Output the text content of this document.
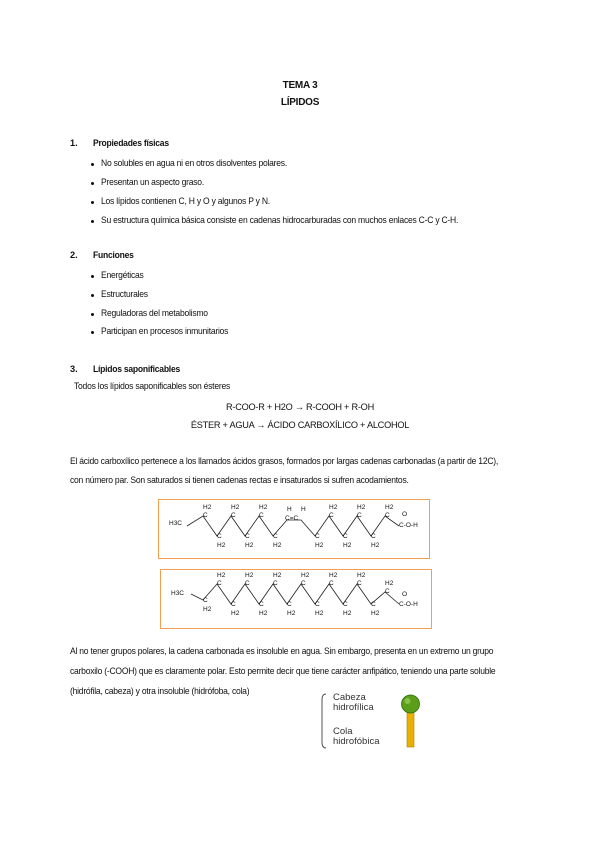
TEMA 3
LÍPIDOS
1. Propiedades físicas
No solubles en agua ni en otros disolventes polares.
Presentan un aspecto graso.
Los lípidos contienen C, H y O y algunos P y N.
Su estructura química básica consiste en cadenas hidrocarburadas con muchos enlaces C-C y C-H.
2. Funciones
Energéticas
Estructurales
Reguladoras del metabolismo
Participan en procesos inmunitarios
3. Lípidos saponificables
Todos los lípidos saponificables son ésteres
R-COO-R + H2O → R-COOH + R-OH
ÉSTER + AGUA → ÁCIDO CARBOXÍLICO + ALCOHOL
El ácido carboxílico pertenece a los llamados ácidos grasos, formados por largas cadenas carbonadas (a partir de 12C),
con número par. Son saturados si tienen cadenas rectas e insaturados si sufren acodamientos.
H3C
C
H2
C
H2
C
H2
C
H2
C
H2
C
H2
C=C
H H
C
H2
C
H2
C
H2
C
H2
C
H2
C
H2
C-O-H
O
H3C
C
H2
C
H2
C
H2
C
H2
C
H2
C
H2
C
H2
C
H2
C
H2
C
H2
C
H2
C
H2
C
H2
C
H2
C-O-H
O
Al no tener grupos polares, la cadena carbonada es insoluble en agua. Sin embargo, presenta en un extremo un grupo
carboxilo (-COOH) que es claramente polar. Esto permite decir que tiene carácter anfipático, teniendo una parte soluble
(hidrófila, cabeza) y otra insoluble (hidrófoba, cola)
Cabeza
hidrofílica
Cola
hidrofóbica
